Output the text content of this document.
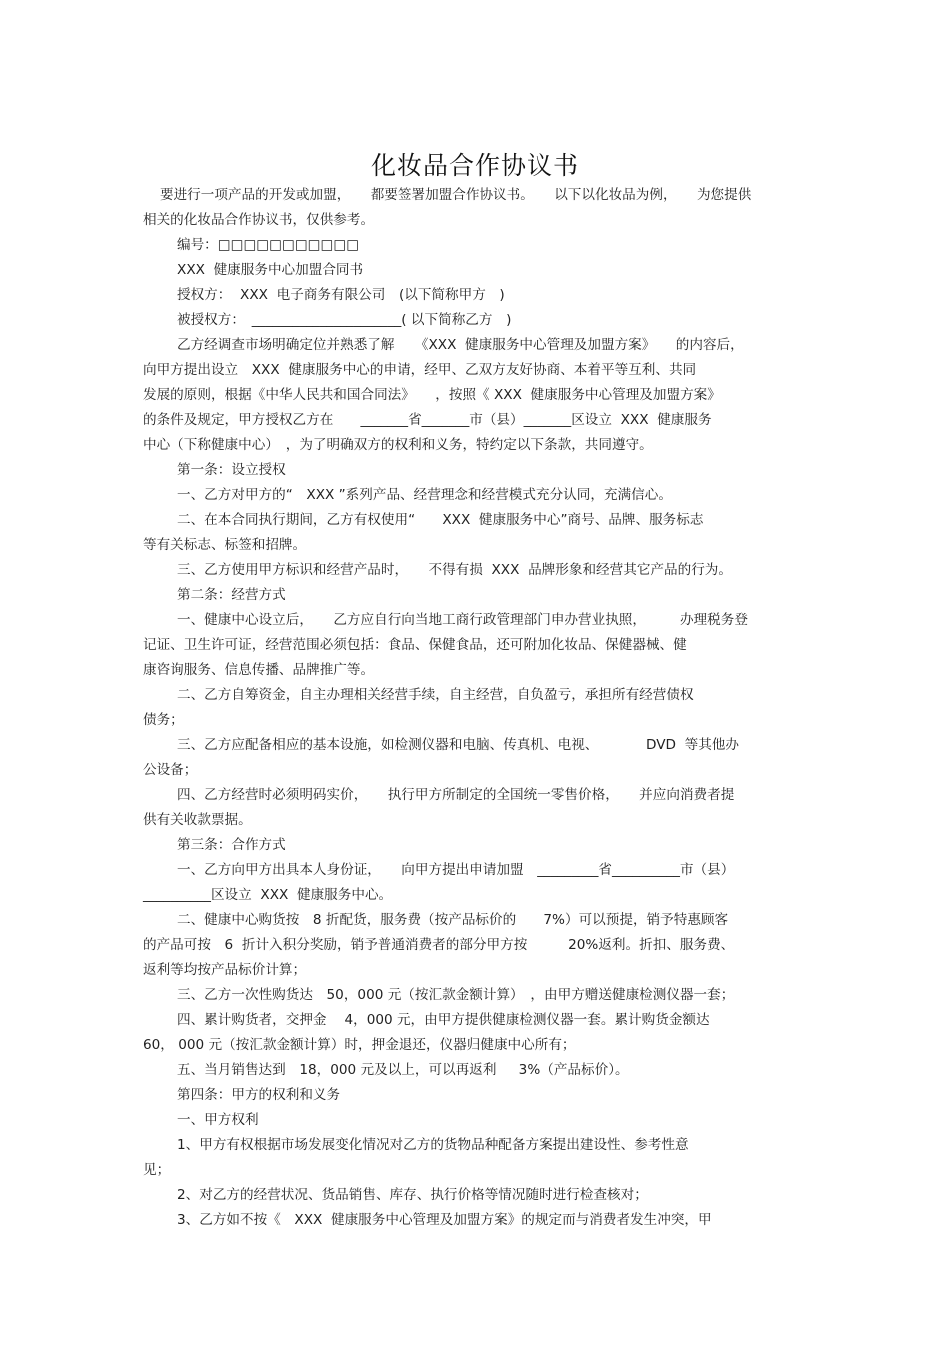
化妆品合作协议书

要进行一项产品的开发或加盟，　　都要签署加盟合作协议书。　　以下以化妆品为例，　　为您提供

相关的化妆品合作协议书，仅供参考。

编号：□□□□□□□□□□□

XXX  健康服务中心加盟合同书

授权方：  XXX  电子商务有限公司　(以下简称甲方　)

被授权方：　______________________( 以下简称乙方　)

乙方经调查市场明确定位并熟悉了解　　《XXX  健康服务中心管理及加盟方案》　　的内容后，

向甲方提出设立　XXX  健康服务中心的申请，经甲、乙双方友好协商、本着平等互利、共同

发展的原则，根据《中华人民共和国合同法》　　，按照《 XXX  健康服务中心管理及加盟方案》

的条件及规定，甲方授权乙方在　　_______省_______市（县）_______区设立  XXX  健康服务

中心（下称健康中心）　，为了明确双方的权利和义务，特约定以下条款，共同遵守。

第一条：设立授权

一、乙方对甲方的“　XXX ”系列产品、经营理念和经营模式充分认同，充满信心。

二、在本合同执行期间，乙方有权使用“　　XXX  健康服务中心”商号、品牌、服务标志

等有关标志、标签和招牌。

三、乙方使用甲方标识和经营产品时，　　不得有损  XXX  品牌形象和经营其它产品的行为。

第二条：经营方式

一、健康中心设立后，　　乙方应自行向当地工商行政管理部门申办营业执照，　　　办理税务登

记证、卫生许可证，经营范围必须包括：食品、保健食品，还可附加化妆品、保健器械、健

康咨询服务、信息传播、品牌推广等。

二、乙方自筹资金，自主办理相关经营手续，自主经营，自负盈亏，承担所有经营债权

债务；

三、乙方应配备相应的基本设施，如检测仪器和电脑、传真机、电视、　　　　DVD  等其他办

公设备；

四、乙方经营时必须明码实价，　　执行甲方所制定的全国统一零售价格，　　并应向消费者提

供有关收款票据。

第三条：合作方式

一、乙方向甲方出具本人身份证，　　向甲方提出申请加盟　_________省__________市（县）

__________区设立  XXX  健康服务中心。

二、健康中心购货按　8 折配货，服务费（按产品标价的　　7%）可以预提，销予特惠顾客

的产品可按　6  折计入积分奖励，销予普通消费者的部分甲方按　　　20%返利。折扣、服务费、

返利等均按产品标价计算；

三、乙方一次性购货达　50，000 元（按汇款金额计算）　，由甲方赠送健康检测仪器一套；

四、累计购货者，交押金　 4，000 元，由甲方提供健康检测仪器一套。累计购货金额达

60， 000 元（按汇款金额计算）时，押金退还，仪器归健康中心所有；

五、当月销售达到　18，000 元及以上，可以再返利　  3%（产品标价）。

第四条：甲方的权利和义务

一、甲方权利

1、甲方有权根据市场发展变化情况对乙方的货物品种配备方案提出建设性、参考性意

见；

2、对乙方的经营状况、货品销售、库存、执行价格等情况随时进行检查核对；

3、乙方如不按《　XXX  健康服务中心管理及加盟方案》的规定而与消费者发生冲突，甲
